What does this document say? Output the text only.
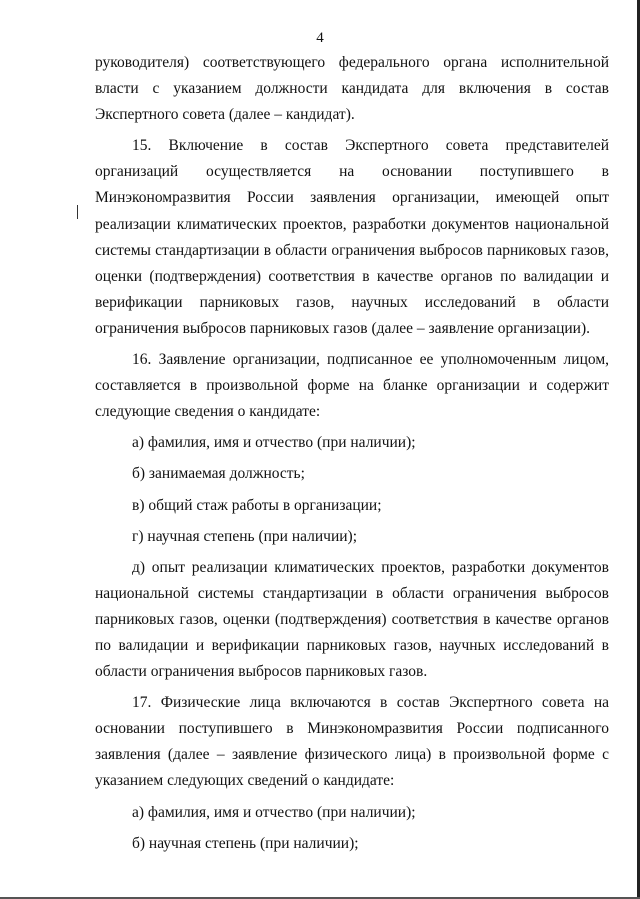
4

руководителя) соответствующего федерального органа исполнительной власти с указанием должности кандидата для включения в состав Экспертного совета (далее – кандидат).

15. Включение в состав Экспертного совета представителей организаций осуществляется на основании поступившего в Минэкономразвития России заявления организации, имеющей опыт реализации климатических проектов, разработки документов национальной системы стандартизации в области ограничения выбросов парниковых газов, оценки (подтверждения) соответствия в качестве органов по валидации и верификации парниковых газов, научных исследований в области ограничения выбросов парниковых газов (далее – заявление организации).

16. Заявление организации, подписанное ее уполномоченным лицом, составляется в произвольной форме на бланке организации и содержит следующие сведения о кандидате:

а) фамилия, имя и отчество (при наличии);

б) занимаемая должность;

в) общий стаж работы в организации;

г) научная степень (при наличии);

д) опыт реализации климатических проектов, разработки документов национальной системы стандартизации в области ограничения выбросов парниковых газов, оценки (подтверждения) соответствия в качестве органов по валидации и верификации парниковых газов, научных исследований в области ограничения выбросов парниковых газов.

17. Физические лица включаются в состав Экспертного совета на основании поступившего в Минэкономразвития России подписанного заявления (далее – заявление физического лица) в произвольной форме с указанием следующих сведений о кандидате:

а) фамилия, имя и отчество (при наличии);

б) научная степень (при наличии);
